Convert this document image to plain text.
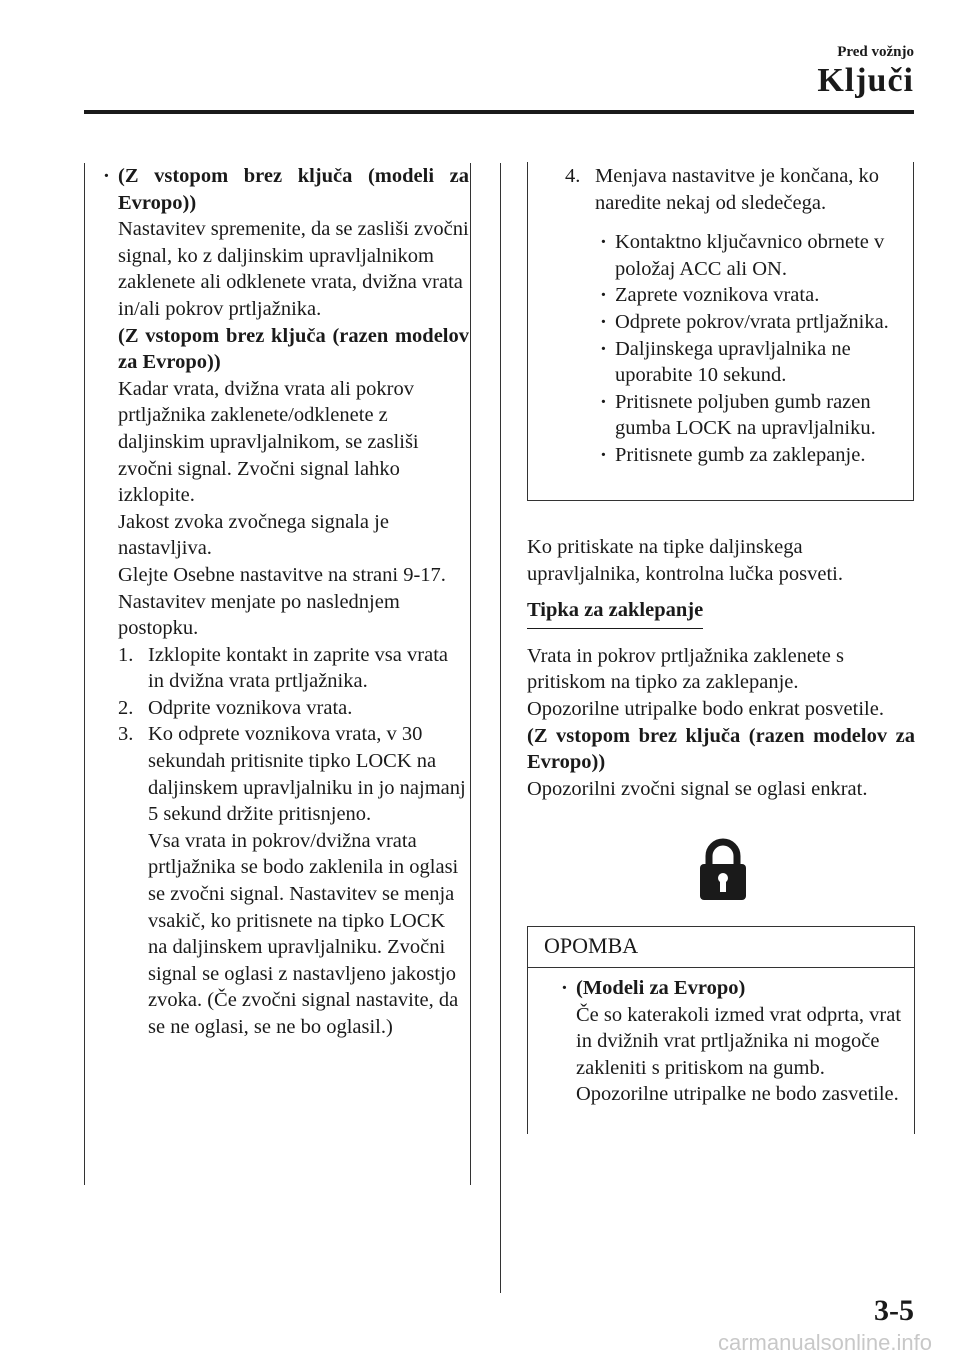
Pred vožnjo
Ključi
· (Z vstopom brez ključa (modeli za Evropo))
Nastavitev spremenite, da se zasliši zvočni signal, ko z daljinskim upravljalnikom zaklenete ali odklenete vrata, dvižna vrata in/ali pokrov prtljažnika.
(Z vstopom brez ključa (razen modelov za Evropo))
Kadar vrata, dvižna vrata ali pokrov prtljažnika zaklenete/odklenete z daljinskim upravljalnikom, se zasliši zvočni signal. Zvočni signal lahko izklopite.
Jakost zvoka zvočnega signala je nastavljiva.
Glejte Osebne nastavitve na strani 9-17.
Nastavitev menjate po naslednjem postopku.
1. Izklopite kontakt in zaprite vsa vrata in dvižna vrata prtljažnika.
2. Odprite voznikova vrata.
3. Ko odprete voznikova vrata, v 30 sekundah pritisnite tipko LOCK na daljinskem upravljalniku in jo najmanj 5 sekund držite pritisnjeno.
Vsa vrata in pokrov/dvižna vrata prtljažnika se bodo zaklenila in oglasi se zvočni signal. Nastavitev se menja vsakič, ko pritisnete na tipko LOCK na daljinskem upravljalniku. Zvočni signal se oglasi z nastavljeno jakostjo zvoka. (Če zvočni signal nastavite, da se ne oglasi, se ne bo oglasil.)
4. Menjava nastavitve je končana, ko naredite nekaj od sledečega.
· Kontaktno ključavnico obrnete v položaj ACC ali ON.
· Zaprete voznikova vrata.
· Odprete pokrov/vrata prtljažnika.
· Daljinskega upravljalnika ne uporabite 10 sekund.
· Pritisnete poljuben gumb razen gumba LOCK na upravljalniku.
· Pritisnete gumb za zaklepanje.
Ko pritiskate na tipke daljinskega upravljalnika, kontrolna lučka posveti.
Tipka za zaklepanje
Vrata in pokrov prtljažnika zaklenete s pritiskom na tipko za zaklepanje.
Opozorilne utripalke bodo enkrat posvetile.
(Z vstopom brez ključa (razen modelov za Evropo))
Opozorilni zvočni signal se oglasi enkrat.
OPOMBA
· (Modeli za Evropo)
Če so katerakoli izmed vrat odprta, vrat in dvižnih vrat prtljažnika ni mogoče zakleniti s pritiskom na gumb. Opozorilne utripalke ne bodo zasvetile.
3-5
carmanualsonline.info
